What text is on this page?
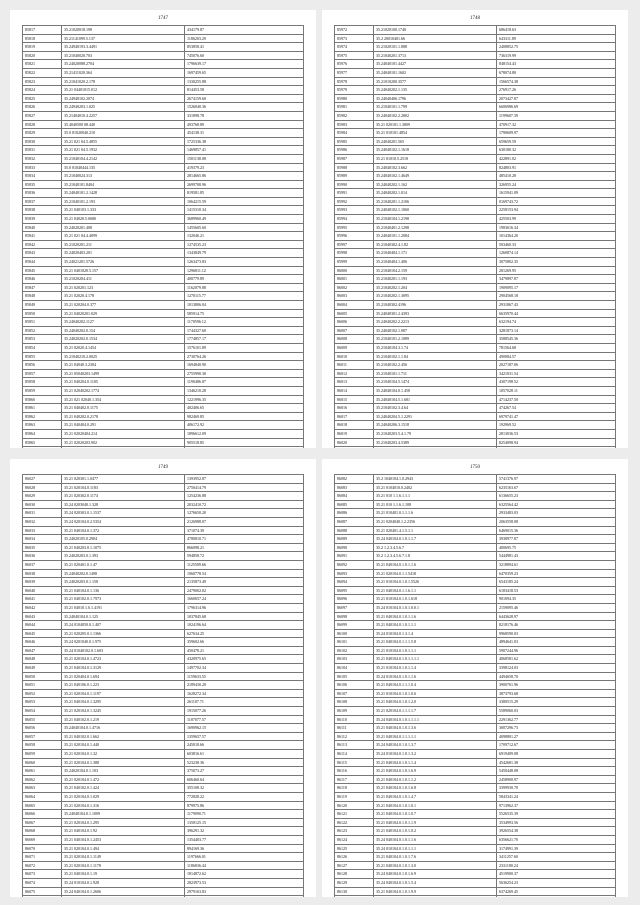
1747
85817	35.21020018.198	434179.87
85818	35.21141099.5.137	1186203.29
85819	35.24940193.3.4491	853858.41
85820	35.21040020.703	745076.60
85821	35.24020088.2704	1796639.17
85822	35.21411020.364	1697459.65
85823	35.21041020.2.178	1330255.88
85824	35.21 04401015.012	814453.58
85825	35.24940102.2074	2674159.60
85826	35.24940203.1.025	1526040.36
85827	35.21404010.4.2257	331898.78
85828	35.4040500 08.440	493768.89
85829	35.0 01020040.210	454138.31
85830	35.21 021 04.5.4855	1725336.38
85831	35.21 021 04.5.1932	1469857.41
85832	35.21040104.4.2142	1501138.08
85833	35.0 01040444.135	419379.23
85834	35.21040024.313	2814665.86
85835	35.21040101.8404	2699708.96
85836	35.24040101.2.1428	819581.85
85837	35.21040101.2.193	1064215.59
85838	35.21 040103.1.333	1415310.34
85839	35.21 04020.5.0680	3689960.49
85840	35.24020201.408	1455605.60
85841	35.21 021 04.4.4099	132046.21
85842	35.21020201.211	1274535.23
85843	35.24020403.201	1343849.79
85844	35.24021201.5726	1263473.83
85845	35.21 0401020.5.157	1296811.12
85846	35.21020204.411	400779.89
85847	35.21 020201.123	1162079.88
85848	35.21 02020.4.178	1270115.77
85849	35.21 020204.0.377	1013806.04
85850	35.21 04020201.029	585914.75
85851	35.24040202.1127	1170596.12
85852	35.24040202.0.154	1744327.60
85853	35.24020202.0.1534	1774857.17
85854	35.21 02020.4.1454	1576101.89
85855	35.21040210.2.0025	2730764.26
85856	35.21 04040.3.2304	1694840.90
85857	35.21 05040203.1499	2755990.30
85858	35.21 040204.0.1105	1190486.07
85859	35.21 02040202.1774	1346210.28
85860	35.21 021 02040.1.354	1221996.35
85861	35.21 040402.0.1175	402406.65
85862	35.21 040202.0.2178	982469.85
85863	35.21 040404.0.291	406172.92
85864	35.21 02020404.214	1896612.09
85865	35.21 02020203.902	905518.85

1748
85972	35.21020100.1740	686418.63
85973	35.2 20010401.66	643311.89
85974	35.21020101.1.888	2408852.75
85975	35.21040201.3713	736319.99
85976	35.24040101.4427	848154.43
85977	35.24040101.1602	678074.80
85978	35.21010200.3577	1566574.38
85979	35.24040202.1.135	276917.26
85980	35.24040406.1796	2073427.87
85981	35.21040101.1.799	6606986.69
85982	35.24040102.2.2802	1199607.39
85983	35.21 020101.1.3809	470917.32
85984	35.21 010101.4854	1790609.97
85985	35.24040201.565	659659.59
85986	35.24040102.1.1618	630180.32
85987	35.21 01010.5.2518	422891.02
85988	35.24040102.3.662	824803.91
85989	35.24040102.1.4649	485410.28
85990	35.24040202.1.162	326955.24
85991	35.24040202.1.014	1615941.09
85992	35.21040201.1.2106	0169743.72
85993	35.24040102.1.1060	2258153.94
85994	35.21040104.1.2198	425503.99
85995	35.21040401.2.1298	1983616.34
85996	35.24040101.1.2084	1014364.20
85997	35.21040302.4.1.82	503460.33
85998	35.21040404.1.171	1260874.14
85999	35.21040404.1.406	3075802.35
86000	35.21040104.2.159	281269.95
86001	35.21040201.1.193	3479897.87
86002	35.21040202.1.204	1909095.17
86003	35.21040202.1.3095	2904568.18
86004	35.21040302.4196	2931867.43
86005	35.24040301.2.4393	6635970.44
86006	35.24040202.2.2213	632194.74
86007	35.24040102.1.087	3281873.14
86008	35.21040101.2.1089	3588545.36
86009	35.21040104.3.1.74	781564.68
86010	35.21040102.1.1.84	490084.57
86011	35.21040102.2.456	2027187.06
86012	35.21040101.1.711	3421031.54
86013	35.21040104.5.1474	4307198.52
86014	35.24040104.0.1.458	1057028.11
86015	35.24040104.5.1.681	4714237.50
86016	35.21040102.3.4.64	474267.54
86017	35.24040204.5.1.2291	6979741.47
86018	35.24040206.3.1518	192969.52
86019	35.21040203.5.4.1.79	2813036.53
86020	35.21040203.4.5389	8254098.94

1749
86027	35.21 020301.1.0477	1393952.87
86028	35.21 020104.0.1183	2750414.79
86029	35.21 020302.0.1174	1254236.88
86030	35.24 0203040.1.328	2032410.72
86031	35.24 020303.0.1.1537	1276650.20
86032	35.24 020104.0.2.5354	2126988.07
86033	35.21 040104.0.1.372	371074.39
86034	35.24020105.0.2904	4780810.71
86035	35.21 040203.0.1.1075	866098.21
86036	35.24020203.0.1.393	594858.72
86037	35.21 020401.0.1.47	1125509.66
86038	35.24040202.0.1498	1060778.54
86039	35.24020203.0.1.158	2135873.49
86040	35.21 040104.0.1.136	2479002.02
86041	35.21 040102.0.1.7973	1660657.24
86042	35.21 04010.1.0.1.4191	1796314.96
86043	35.24040104.0.1.125	1037845.68
86044	35.24 0104050.0.1.407	1024196.64
86045	35.21 020205.0.1.1366	627634.25
86046	35.24 0201040.0.1.975	359602.66
86047	35.24 01040102.0.1.603	450478.21
86048	35.21 020104.0.1.4723	4320975.65
86049	35.21 040104.0.1.3129	1497702.34
86050	35.21 020404.0.1.694	1159633.55
86051	35.21 040106.0.1.223	2189430.20
86052	35.21 020104.0.1.1197	1628272.34
86053	35.21 040104.0.1.3295	261107.71
86054	35.21 020104.0.1.3245	1915077.26
86055	35.21 040102.0.1.219	1107077.57
86056	35.24040104.0.1.4716	1690962.15
86057	35.21 040102.0.1.662	1359657.57
86058	35.21 020104.0.1.440	245018.66
86059	35.21 020104.0.1.32	603816.61
86060	35.21 020104.0.1.388	523238.36
86061	35.24020104.0.1.103	375073.27
86062	35.21 020104.0.1.472	606460.64
86063	35.21 040102.0.1.424	355108.32
86064	35.21 020104.0.1.029	772828.22
86065	35.21 020104.0.1.316	879975.86
86066	35.24040104.0.1.1009	1179090.71
86067	35.21 020104.0.1.295	1358125.15
86068	35.21 040104.0.1.92	396291.32
86069	35.21 040104.0.1.2453	1354403.77
86070	35.21 020104.0.1.494	894169.36
86071	35.21 020104.0.1.1149	1197666.01
86072	35.21 020104.0.1.1178	1186836.44
86073	35.21 040104.0.1.19	1814872.62
86074	35.24 010104.0.1.928	2823973.53
86075	35.24 040104.0.1.2606	2979163.83

1750
86082	35.2 1040104.1.0.2943	5741376.97
86083	35.21 0104010.0.2402	6235163.67
86084	35.21 010 1.1.6.1.1.1	6136655.23
86085	35.21 010 1.1.6.1.108	6325564.42
86086	35.21 010401.0.1.1.1.6	2933483.03
86087	35.21 0204040.1.2.2356	2063558.08
86088	35.21 020401.4.1.5.1.1	6469015.36
86089	35.24 040104.0.1.0.1.1.7	3938977.87
86090	35.2 1.2.3.4.5.6.7	400695.75
86091	35.2 1.2.3.4.5.6.7.1.8	5444981.43
86092	35.21 040104.0.1.0.1.1.6	3218894.61
86093	35.21 020104.0.1.1.5418	6470359.23
86094	35.21 010104.0.1.0.1.5526	6543185.24
86095	35.21 040104.0.1.1.6.1.1	6183418.53
86096	35.21 010104.0.1.0.1.618	901094.35
86097	35.24 010104.0.1.0.1.0.0.1	2159095.46
86098	35.21 040104.0.1.0.1.1.6	6443628.97
86099	35.21 040104.0.1.0.1.1.1	8218176.46
86100	35.24 010104.0.1.3.1.4	9968590.03
86101	35.21 040104.0.1.1.1.5.8	4894641.03
86102	35.21 010104.0.1.0.1.1.1	5907244.96
86103	35.21 040104.0.1.0.1.1.1.1	4068581.62
86104	35.21 010104.0.1.0.1.1.4	3398124.03
86105	35.24 010104.0.1.0.1.1.6	4494658.70
86106	35.21 040104.0.1.1.1.0.4	3900761.96
86107	35.21 010104.0.1.0.1.0.6	3873793.68
86108	35.21 040104.0.1.0.1.2.0	3380515.29
86109	35.21 020104.0.1.1.1.1.7	5589060.03
86110	35.24 040104.0.1.0.1.1.1.1	2291362.77
86111	35.21 040104.0.1.0.1.3.6	3007296.73
86112	35.21 040104.0.1.1.1.1.1	4098801.27
86113	35.24 040104.0.1.0.1.3.7	1709712.67
86114	35.24 010104.0.1.0.1.3.2	6919409.08
86115	35.21 040104.0.1.0.1.1.4	4542681.38
86116	35.21 040104.0.1.0.1.6.9	5450448.08
86117	35.21 040104.0.1.0.1.1.2	2458900.97
86118	35.21 040104.0.1.0.1.6.8	3399930.70
86119	35.21 040104.0.1.0.1.4.7	5843341.24
86120	35.21 040104.0.1.0.1.0.1	9713962.37
86121	35.21 040104.0.1.0.1.0.7	5526535.39
86122	35.21 040104.0.1.0.1.1.9	3534993.56
86123	35.21 040104.0.1.0.1.0.2	3926554.38
86124	35.24 040104.0.1.0.1.1.6	6356621.70
86125	35.24 010104.0.1.0.1.1.1	3174991.39
86126	35.21 040104.0.1.0.1.7.6	3411257.60
86127	35.21 040104.0.1.0.1.3.0	2331180.24
86128	35.24 040104.0.1.0.1.6.9	4519900.37
86129	35.24 040104.0.1.0.1.5.4	5636254.23
86130	35.21 040104.0.1.0.1.9.9	6374269.45
